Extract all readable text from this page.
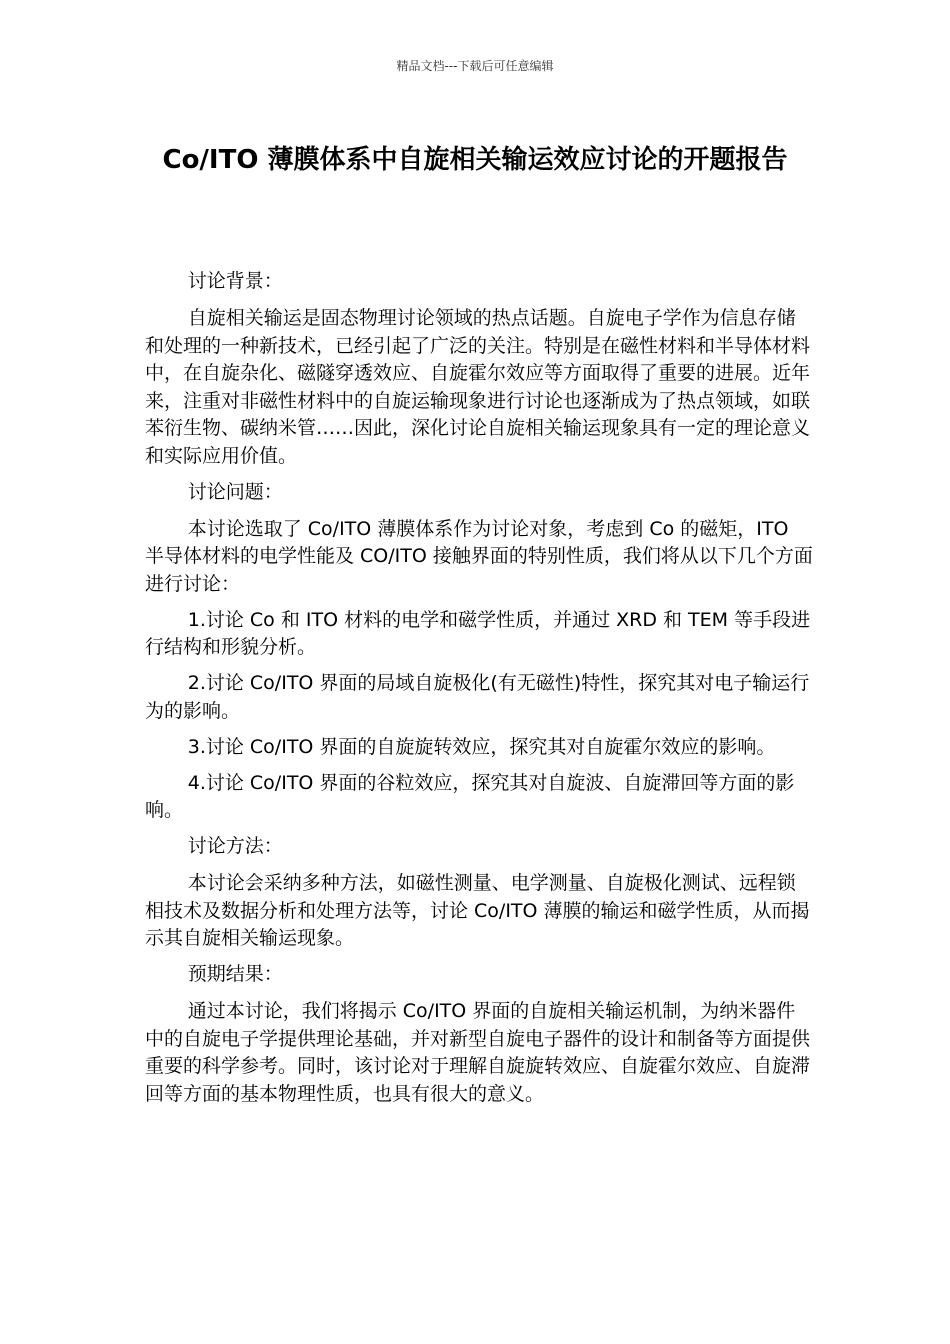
精品文档---下载后可任意编辑
Co/ITO 薄膜体系中自旋相关输运效应讨论的开题报告

讨论背景：

自旋相关输运是固态物理讨论领域的热点话题。自旋电子学作为信息存储和处理的一种新技术，已经引起了广泛的关注。特别是在磁性材料和半导体材料中，在自旋杂化、磁隧穿透效应、自旋霍尔效应等方面取得了重要的进展。近年来，注重对非磁性材料中的自旋运输现象进行讨论也逐渐成为了热点领域，如联苯衍生物、碳纳米管……因此，深化讨论自旋相关输运现象具有一定的理论意义和实际应用价值。

讨论问题：

本讨论选取了 Co/ITO 薄膜体系作为讨论对象，考虑到 Co 的磁矩，ITO 半导体材料的电学性能及 CO/ITO 接触界面的特别性质，我们将从以下几个方面进行讨论：

1.讨论 Co 和 ITO 材料的电学和磁学性质，并通过 XRD 和 TEM 等手段进行结构和形貌分析。

2.讨论 Co/ITO 界面的局域自旋极化(有无磁性)特性，探究其对电子输运行为的影响。

3.讨论 Co/ITO 界面的自旋旋转效应，探究其对自旋霍尔效应的影响。

4.讨论 Co/ITO 界面的谷粒效应，探究其对自旋波、自旋滞回等方面的影响。

讨论方法：

本讨论会采纳多种方法，如磁性测量、电学测量、自旋极化测试、远程锁相技术及数据分析和处理方法等，讨论 Co/ITO 薄膜的输运和磁学性质，从而揭示其自旋相关输运现象。

预期结果：

通过本讨论，我们将揭示 Co/ITO 界面的自旋相关输运机制，为纳米器件中的自旋电子学提供理论基础，并对新型自旋电子器件的设计和制备等方面提供重要的科学参考。同时，该讨论对于理解自旋旋转效应、自旋霍尔效应、自旋滞回等方面的基本物理性质，也具有很大的意义。
